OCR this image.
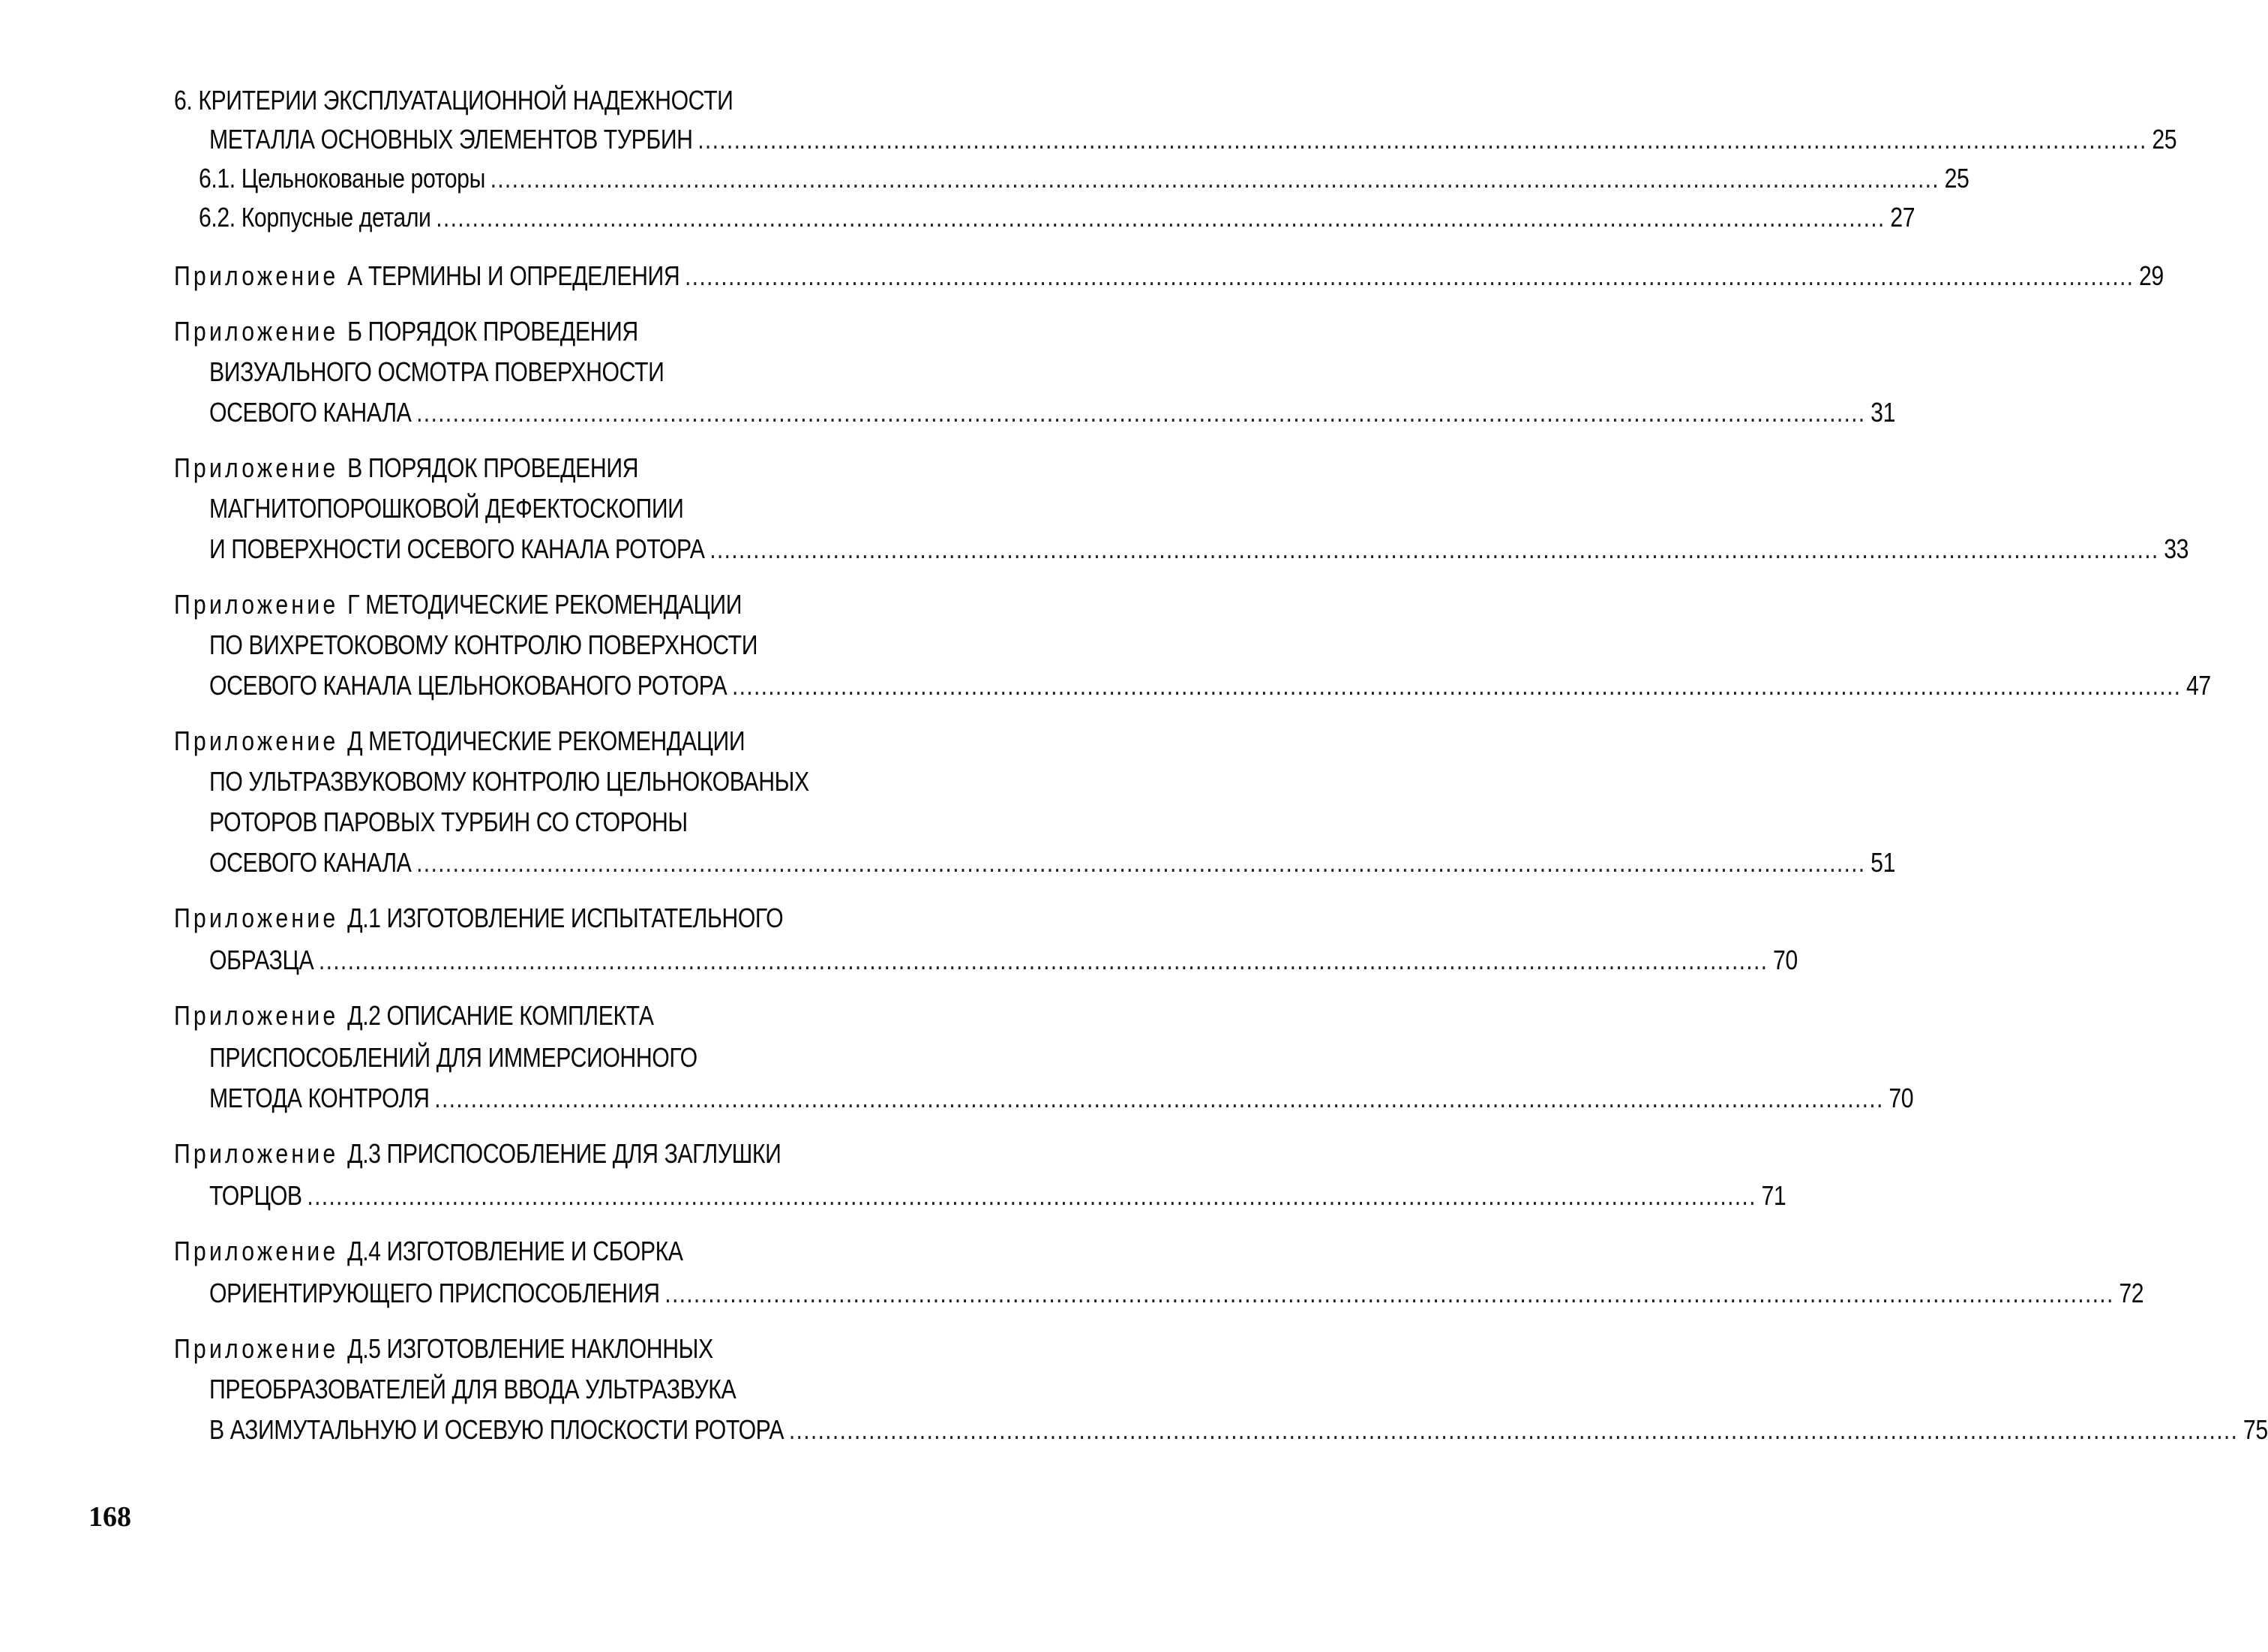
6. КРИТЕРИИ ЭКСПЛУАТАЦИОННОЙ НАДЕЖНОСТИ
МЕТАЛЛА ОСНОВНЫХ ЭЛЕМЕНТОВ ТУРБИН ........................................................................................................................................................................................................ 25
6.1. Цельнокованые роторы ........................................................................................................................................................................................................ 25
6.2. Корпусные детали ........................................................................................................................................................................................................ 27
Приложение А ТЕРМИНЫ И ОПРЕДЕЛЕНИЯ ........................................................................................................................................................................................................ 29
Приложение Б ПОРЯДОК ПРОВЕДЕНИЯ
ВИЗУАЛЬНОГО ОСМОТРА ПОВЕРХНОСТИ
ОСЕВОГО КАНАЛА ........................................................................................................................................................................................................ 31
Приложение В ПОРЯДОК ПРОВЕДЕНИЯ
МАГНИТОПОРОШКОВОЙ ДЕФЕКТОСКОПИИ
И ПОВЕРХНОСТИ ОСЕВОГО КАНАЛА РОТОРА ........................................................................................................................................................................................................ 33
Приложение Г МЕТОДИЧЕСКИЕ РЕКОМЕНДАЦИИ
ПО ВИХРЕТОКОВОМУ КОНТРОЛЮ ПОВЕРХНОСТИ
ОСЕВОГО КАНАЛА ЦЕЛЬНОКОВАНОГО РОТОРА ........................................................................................................................................................................................................ 47
Приложение Д МЕТОДИЧЕСКИЕ РЕКОМЕНДАЦИИ
ПО УЛЬТРАЗВУКОВОМУ КОНТРОЛЮ ЦЕЛЬНОКОВАНЫХ
РОТОРОВ ПАРОВЫХ ТУРБИН СО СТОРОНЫ
ОСЕВОГО КАНАЛА ........................................................................................................................................................................................................ 51
Приложение Д.1 ИЗГОТОВЛЕНИЕ ИСПЫТАТЕЛЬНОГО
ОБРАЗЦА ........................................................................................................................................................................................................ 70
Приложение Д.2 ОПИСАНИЕ КОМПЛЕКТА
ПРИСПОСОБЛЕНИЙ ДЛЯ ИММЕРСИОННОГО
МЕТОДА КОНТРОЛЯ ........................................................................................................................................................................................................ 70
Приложение Д.3 ПРИСПОСОБЛЕНИЕ ДЛЯ ЗАГЛУШКИ
ТОРЦОВ ........................................................................................................................................................................................................ 71
Приложение Д.4 ИЗГОТОВЛЕНИЕ И СБОРКА
ОРИЕНТИРУЮЩЕГО ПРИСПОСОБЛЕНИЯ ........................................................................................................................................................................................................ 72
Приложение Д.5 ИЗГОТОВЛЕНИЕ НАКЛОННЫХ
ПРЕОБРАЗОВАТЕЛЕЙ ДЛЯ ВВОДА УЛЬТРАЗВУКА
В АЗИМУТАЛЬНУЮ И ОСЕВУЮ ПЛОСКОСТИ РОТОРА ........................................................................................................................................................................................................ 75
168
